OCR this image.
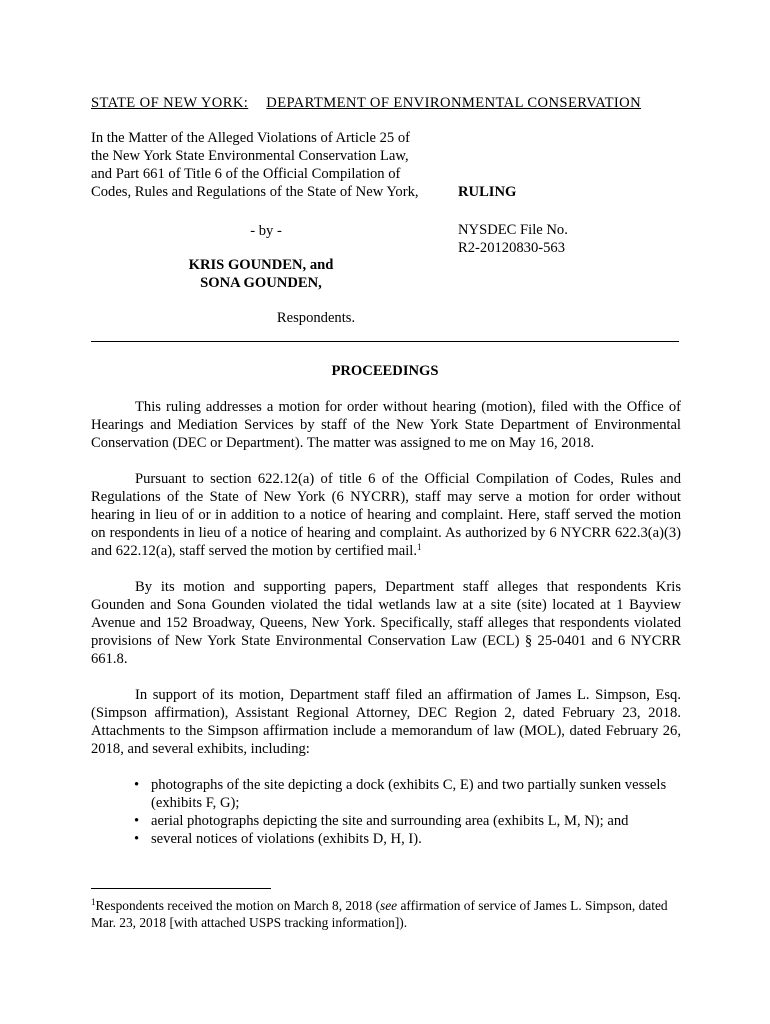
STATE OF NEW YORK: DEPARTMENT OF ENVIRONMENTAL CONSERVATION

In the Matter of the Alleged Violations of Article 25 of

the New York State Environmental Conservation Law,

and Part 661 of Title 6 of the Official Compilation of

Codes, Rules and Regulations of the State of New York,	RULING
- by -	NYSDEC File No.

R2-20120830-563

KRIS GOUNDEN, and

SONA GOUNDEN,

Respondents.
PROCEEDINGS

This ruling addresses a motion for order without hearing (motion), filed with the Office of Hearings and Mediation Services by staff of the New York State Department of Environmental Conservation (DEC or Department). The matter was assigned to me on May 16, 2018.

Pursuant to section 622.12(a) of title 6 of the Official Compilation of Codes, Rules and Regulations of the State of New York (6 NYCRR), staff may serve a motion for order without hearing in lieu of or in addition to a notice of hearing and complaint. Here, staff served the motion on respondents in lieu of a notice of hearing and complaint. As authorized by 6 NYCRR 622.3(a)(3) and 622.12(a), staff served the motion by certified mail.$^1$

By its motion and supporting papers, Department staff alleges that respondents Kris Gounden and Sona Gounden violated the tidal wetlands law at a site (site) located at 1 Bayview Avenue and 152 Broadway, Queens, New York. Specifically, staff alleges that respondents violated provisions of New York State Environmental Conservation Law (ECL) § 25-0401 and 6 NYCRR 661.8.

In support of its motion, Department staff filed an affirmation of James L. Simpson, Esq. (Simpson affirmation), Assistant Regional Attorney, DEC Region 2, dated February 23, 2018. Attachments to the Simpson affirmation include a memorandum of law (MOL), dated February 26, 2018, and several exhibits, including:

• photographs of the site depicting a dock (exhibits C, E) and two partially sunken vessels (exhibits F, G);
• aerial photographs depicting the site and surrounding area (exhibits L, M, N); and
• several notices of violations (exhibits D, H, I).
$^1$Respondents received the motion on March 8, 2018 (see affirmation of service of James L. Simpson, dated Mar. 23, 2018 [with attached USPS tracking information]).
